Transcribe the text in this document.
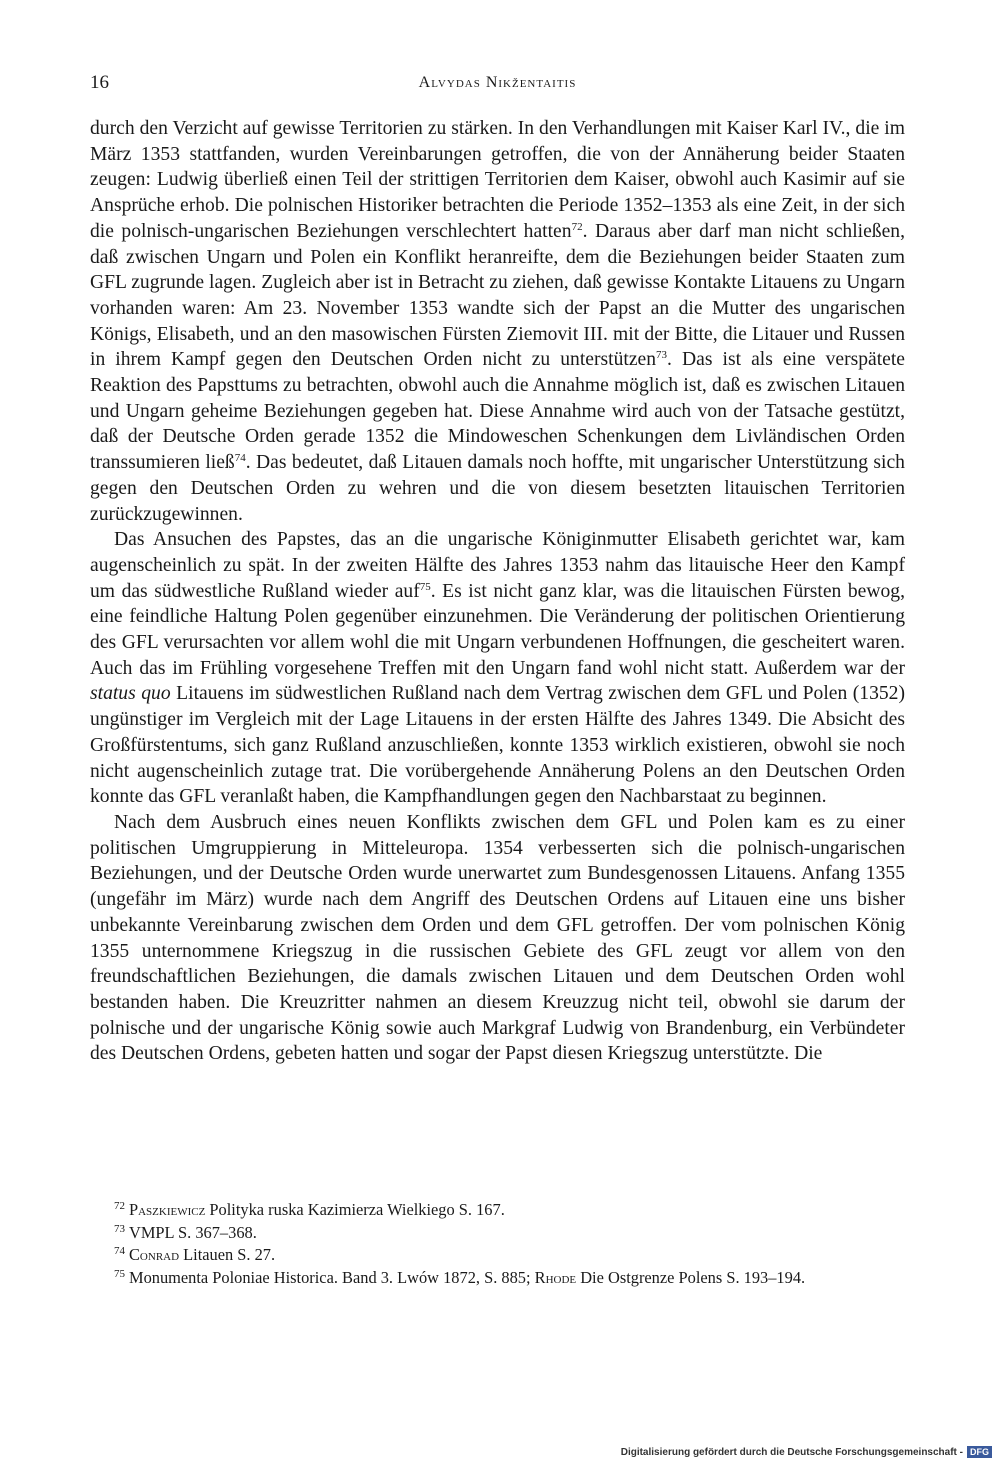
16	Alvydas Nikžentaitis

durch den Verzicht auf gewisse Territorien zu stärken. In den Verhandlungen mit Kaiser Karl IV., die im März 1353 stattfanden, wurden Vereinbarungen getroffen, die von der Annäherung beider Staaten zeugen: Ludwig überließ einen Teil der strittigen Territorien dem Kaiser, obwohl auch Kasimir auf sie Ansprüche erhob. Die polnischen Historiker betrachten die Periode 1352–1353 als eine Zeit, in der sich die polnisch-ungarischen Beziehungen verschlechtert hatten$^{72}$. Daraus aber darf man nicht schließen, daß zwischen Ungarn und Polen ein Konflikt heranreifte, dem die Beziehungen beider Staaten zum GFL zugrunde lagen. Zugleich aber ist in Betracht zu ziehen, daß gewisse Kontakte Litauens zu Ungarn vorhanden waren: Am 23. November 1353 wandte sich der Papst an die Mutter des ungarischen Königs, Elisabeth, und an den masowischen Fürsten Ziemovit III. mit der Bitte, die Litauer und Russen in ihrem Kampf gegen den Deutschen Orden nicht zu unterstützen$^{73}$. Das ist als eine verspätete Reaktion des Papsttums zu betrachten, obwohl auch die Annahme möglich ist, daß es zwischen Litauen und Ungarn geheime Beziehungen gegeben hat. Diese Annahme wird auch von der Tatsache gestützt, daß der Deutsche Orden gerade 1352 die Mindoweschen Schenkungen dem Livländischen Orden transsumieren ließ$^{74}$. Das bedeutet, daß Litauen damals noch hoffte, mit ungarischer Unterstützung sich gegen den Deutschen Orden zu wehren und die von diesem besetzten litauischen Territorien zurückzugewinnen.

Das Ansuchen des Papstes, das an die ungarische Königinmutter Elisabeth gerichtet war, kam augenscheinlich zu spät. In der zweiten Hälfte des Jahres 1353 nahm das litauische Heer den Kampf um das südwestliche Rußland wieder auf$^{75}$. Es ist nicht ganz klar, was die litauischen Fürsten bewog, eine feindliche Haltung Polen gegenüber einzunehmen. Die Veränderung der politischen Orientierung des GFL verursachten vor allem wohl die mit Ungarn verbundenen Hoffnungen, die gescheitert waren. Auch das im Frühling vorgesehene Treffen mit den Ungarn fand wohl nicht statt. Außerdem war der status quo Litauens im südwestlichen Rußland nach dem Vertrag zwischen dem GFL und Polen (1352) ungünstiger im Vergleich mit der Lage Litauens in der ersten Hälfte des Jahres 1349. Die Absicht des Großfürstentums, sich ganz Rußland anzuschließen, konnte 1353 wirklich existieren, obwohl sie noch nicht augenscheinlich zutage trat. Die vorübergehende Annäherung Polens an den Deutschen Orden konnte das GFL veranlaßt haben, die Kampfhandlungen gegen den Nachbarstaat zu beginnen.

Nach dem Ausbruch eines neuen Konflikts zwischen dem GFL und Polen kam es zu einer politischen Umgruppierung in Mitteleuropa. 1354 verbesserten sich die polnisch-ungarischen Beziehungen, und der Deutsche Orden wurde unerwartet zum Bundesgenossen Litauens. Anfang 1355 (ungefähr im März) wurde nach dem Angriff des Deutschen Ordens auf Litauen eine uns bisher unbekannte Vereinbarung zwischen dem Orden und dem GFL getroffen. Der vom polnischen König 1355 unternommene Kriegszug in die russischen Gebiete des GFL zeugt vor allem von den freundschaftlichen Beziehungen, die damals zwischen Litauen und dem Deutschen Orden wohl bestanden haben. Die Kreuzritter nahmen an diesem Kreuzzug nicht teil, obwohl sie darum der polnische und der ungarische König sowie auch Markgraf Ludwig von Brandenburg, ein Verbündeter des Deutschen Ordens, gebeten hatten und sogar der Papst diesen Kriegszug unterstützte. Die

$^{72}$ Paszkiewicz Polityka ruska Kazimierza Wielkiego S. 167.

$^{73}$ VMPL S. 367–368.

$^{74}$ Conrad Litauen S. 27.

$^{75}$ Monumenta Poloniae Historica. Band 3. Lwów 1872, S. 885; Rhode Die Ostgrenze Polens S. 193–194.

Digitalisierung gefördert durch die Deutsche Forschungsgemeinschaft - DFG
